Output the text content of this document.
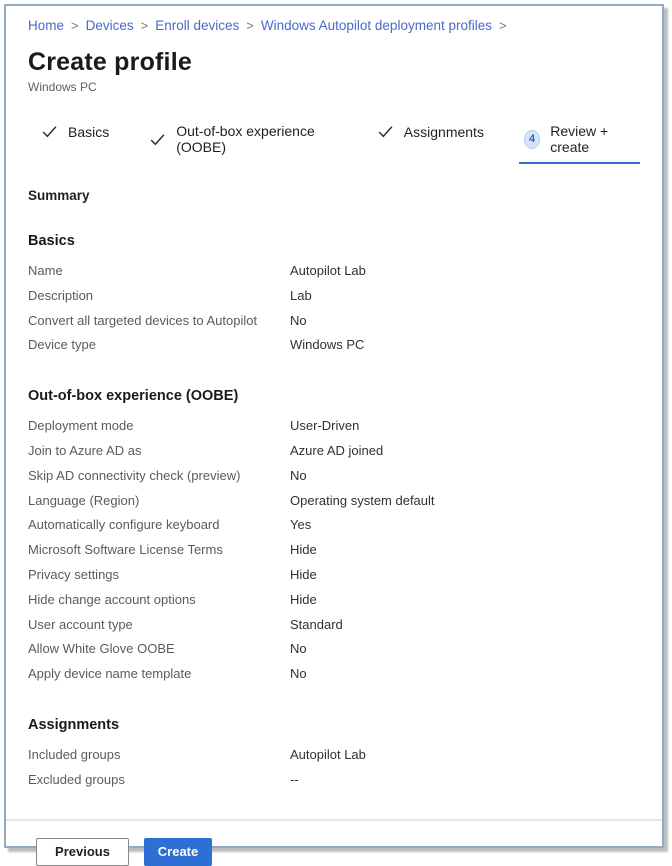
Home > Devices > Enroll devices > Windows Autopilot deployment profiles >
Create profile
Windows PC
Basics	Out-of-box experience (OOBE)
Assignments	4	Review + create
Summary
Basics
Name	Autopilot Lab
Description	Lab
Convert all targeted devices to Autopilot	No
Device type	Windows PC
Out-of-box experience (OOBE)
Deployment mode	User-Driven
Join to Azure AD as	Azure AD joined
Skip AD connectivity check (preview)	No
Language (Region)	Operating system default
Automatically configure keyboard	Yes
Microsoft Software License Terms	Hide
Privacy settings	Hide
Hide change account options	Hide
User account type	Standard
Allow White Glove OOBE	No
Apply device name template	No
Assignments
Included groups	Autopilot Lab
Excluded groups	--
Previous	Create
